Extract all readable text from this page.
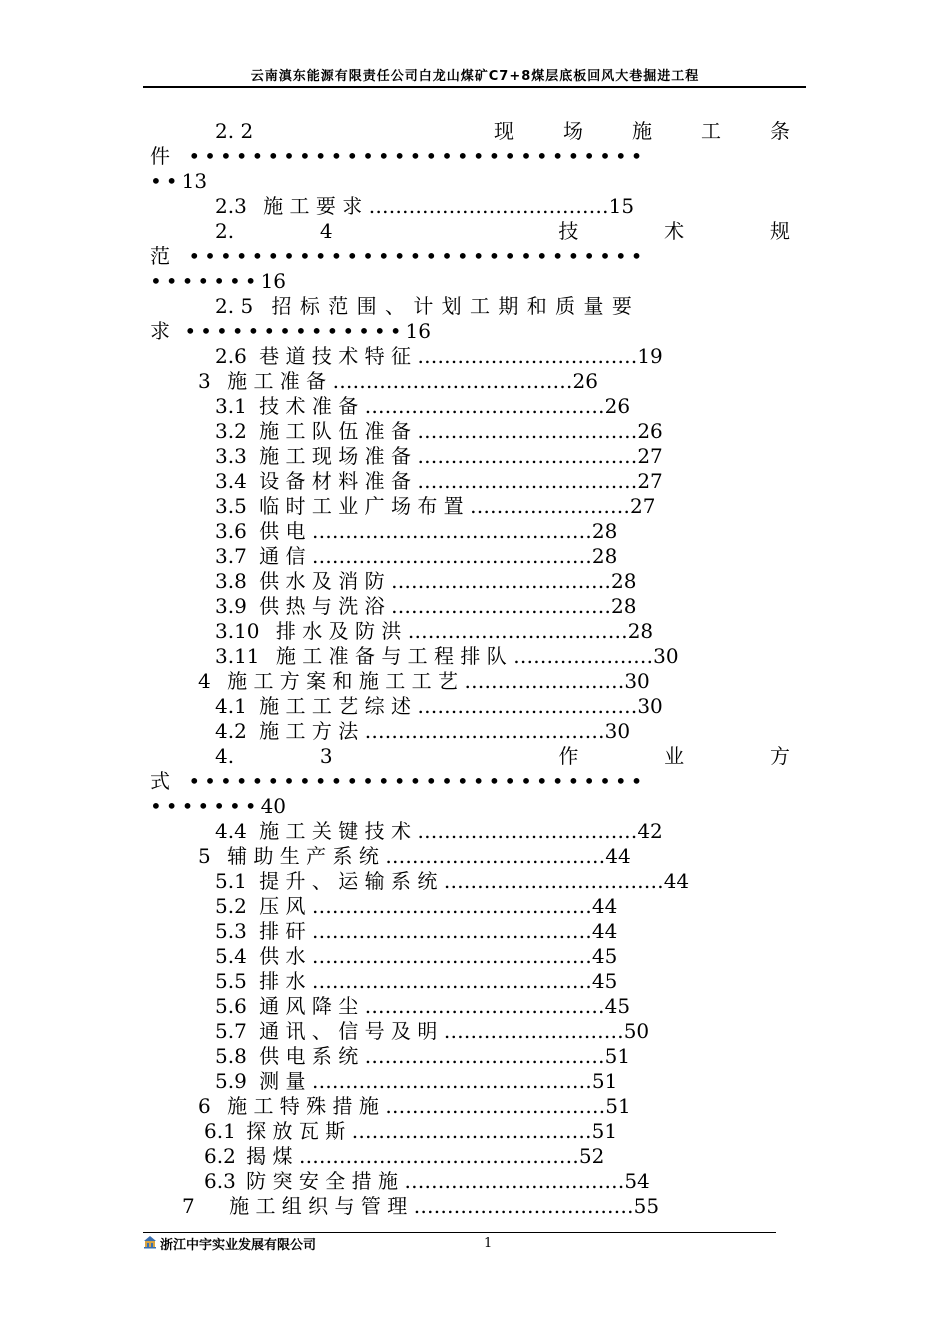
云南滇东能源有限责任公司白龙山煤矿C7+8煤层底板回风大巷掘进工程
2. 2	现 场 施 工 条
件 •••••••••••••••••••••••••••••
••13
2.3 施 工 要 求 ………………………………15
2.	4	技	术	规
范 •••••••••••••••••••••••••••••
•••••••16
2. 5 招 标 范 围 、 计 划 工 期 和 质 量 要
求 ••••••••••••••16
2.6 巷 道 技 术 特 征 ……………………………19
3 施 工 准 备 ………………………………26
3.1 技 术 准 备 ………………………………26
3.2 施 工 队 伍 准 备 ……………………………26
3.3 施 工 现 场 准 备 ……………………………27
3.4 设 备 材 料 准 备 ……………………………27
3.5 临 时 工 业 广 场 布 置 ……………………27
3.6 供 电 ……………………………………28
3.7 通 信 ……………………………………28
3.8 供 水 及 消 防 ……………………………28
3.9 供 热 与 洗 浴 ……………………………28
3.10 排 水 及 防 洪 ……………………………28
3.11 施 工 准 备 与 工 程 排 队 …………………30
4 施 工 方 案 和 施 工 工 艺 ……………………30
4.1 施 工 工 艺 综 述 ……………………………30
4.2 施 工 方 法 ………………………………30
4.	3	作	业	方
式 •••••••••••••••••••••••••••••
•••••••40
4.4 施 工 关 键 技 术 ……………………………42
5 辅 助 生 产 系 统 ……………………………44
5.1 提 升 、 运 输 系 统 ……………………………44
5.2 压 风 ……………………………………44
5.3 排 矸 ……………………………………44
5.4 供 水 ……………………………………45
5.5 排 水 ……………………………………45
5.6 通 风 降 尘 ………………………………45
5.7 通 讯 、 信 号 及 明 ………………………50
5.8 供 电 系 统 ………………………………51
5.9 测 量 ……………………………………51
6 施 工 特 殊 措 施 ……………………………51
6.1 探 放 瓦 斯 ………………………………51
6.2 揭 煤 ……………………………………52
6.3 防 突 安 全 措 施 ……………………………54
7 施 工 组 织 与 管 理 ……………………………55
浙江中宇实业发展有限公司	1
